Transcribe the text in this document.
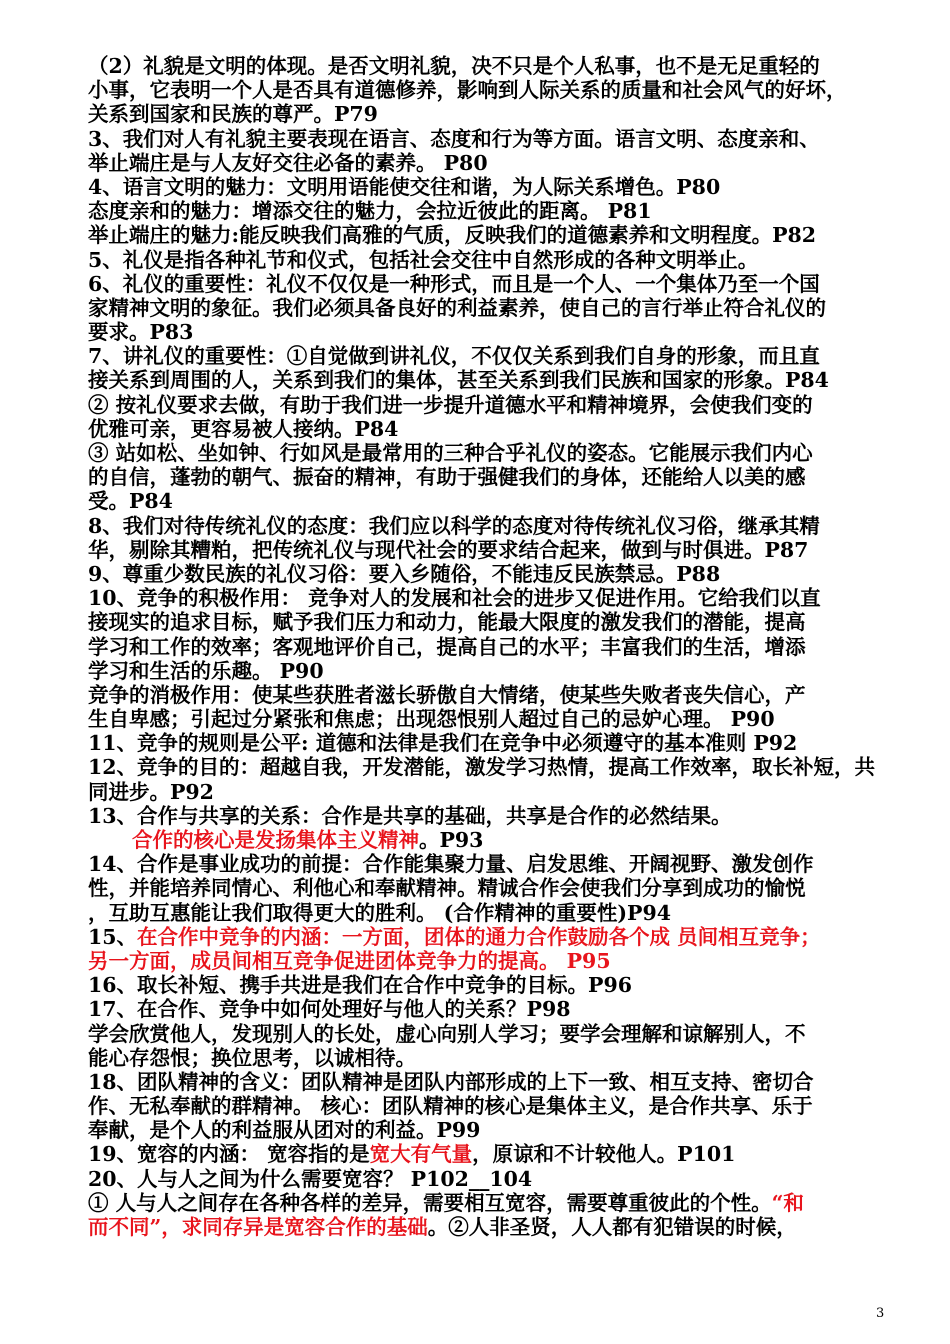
（2）礼貌是文明的体现。是否文明礼貌，决不只是个人私事，也不是无足重轻的
小事，它表明一个人是否具有道德修养，影响到人际关系的质量和社会风气的好坏，
关系到国家和民族的尊严。P79
3、我们对人有礼貌主要表现在语言、态度和行为等方面。语言文明、态度亲和、
举止端庄是与人友好交往必备的素养。 P80
4、语言文明的魅力：文明用语能使交往和谐，为人际关系增色。P80
态度亲和的魅力：增添交往的魅力，会拉近彼此的距离。 P81
举止端庄的魅力:能反映我们高雅的气质，反映我们的道德素养和文明程度。P82
5、礼仪是指各种礼节和仪式，包括社会交往中自然形成的各种文明举止。
6、礼仪的重要性：礼仪不仅仅是一种形式，而且是一个人、一个集体乃至一个国
家精神文明的象征。我们必须具备良好的利益素养，使自己的言行举止符合礼仪的
要求。P83
7、讲礼仪的重要性：①自觉做到讲礼仪，不仅仅关系到我们自身的形象，而且直
接关系到周围的人，关系到我们的集体，甚至关系到我们民族和国家的形象。P84
② 按礼仪要求去做，有助于我们进一步提升道德水平和精神境界，会使我们变的
优雅可亲，更容易被人接纳。P84
③ 站如松、坐如钟、行如风是最常用的三种合乎礼仪的姿态。它能展示我们内心
的自信，蓬勃的朝气、振奋的精神，有助于强健我们的身体，还能给人以美的感
受。P84
8、我们对待传统礼仪的态度：我们应以科学的态度对待传统礼仪习俗，继承其精
华，剔除其糟粕，把传统礼仪与现代社会的要求结合起来，做到与时俱进。P87
9、尊重少数民族的礼仪习俗：要入乡随俗，不能违反民族禁忌。P88
10、竞争的积极作用： 竞争对人的发展和社会的进步又促进作用。它给我们以直
接现实的追求目标，赋予我们压力和动力，能最大限度的激发我们的潜能，提高
学习和工作的效率；客观地评价自己，提高自己的水平；丰富我们的生活，增添
学习和生活的乐趣。 P90
竞争的消极作用：使某些获胜者滋长骄傲自大情绪，使某些失败者丧失信心，产
生自卑感；引起过分紧张和焦虑；出现怨恨别人超过自己的忌妒心理。 P90
11、竞争的规则是公平: 道德和法律是我们在竞争中必须遵守的基本准则 P92
12、竞争的目的：超越自我，开发潜能，激发学习热情，提高工作效率，取长补短，共
同进步。P92
13、合作与共享的关系：合作是共享的基础，共享是合作的必然结果。
合作的核心是发扬集体主义精神。P93
14、合作是事业成功的前提：合作能集聚力量、启发思维、开阔视野、激发创作
性，并能培养同情心、利他心和奉献精神。精诚合作会使我们分享到成功的愉悦
，互助互惠能让我们取得更大的胜利。 (合作精神的重要性)P94
15、在合作中竞争的内涵：一方面，团体的通力合作鼓励各个成 员间相互竞争；
另一方面，成员间相互竞争促进团体竞争力的提高。 P95
16、取长补短、携手共进是我们在合作中竞争的目标。P96
17、在合作、竞争中如何处理好与他人的关系？P98
学会欣赏他人，发现别人的长处，虚心向别人学习；要学会理解和谅解别人，不
能心存怨恨；换位思考，以诚相待。
18、团队精神的含义：团队精神是团队内部形成的上下一致、相互支持、密切合
作、无私奉献的群精神。 核心：团队精神的核心是集体主义，是合作共享、乐于
奉献，是个人的利益服从团对的利益。P99
19、宽容的内涵： 宽容指的是宽大有气量，原谅和不计较他人。P101
20、人与人之间为什么需要宽容？ P102__104
① 人与人之间存在各种各样的差异，需要相互宽容，需要尊重彼此的个性。“和
而不同”，求同存异是宽容合作的基础。②人非圣贤，人人都有犯错误的时候，
3
